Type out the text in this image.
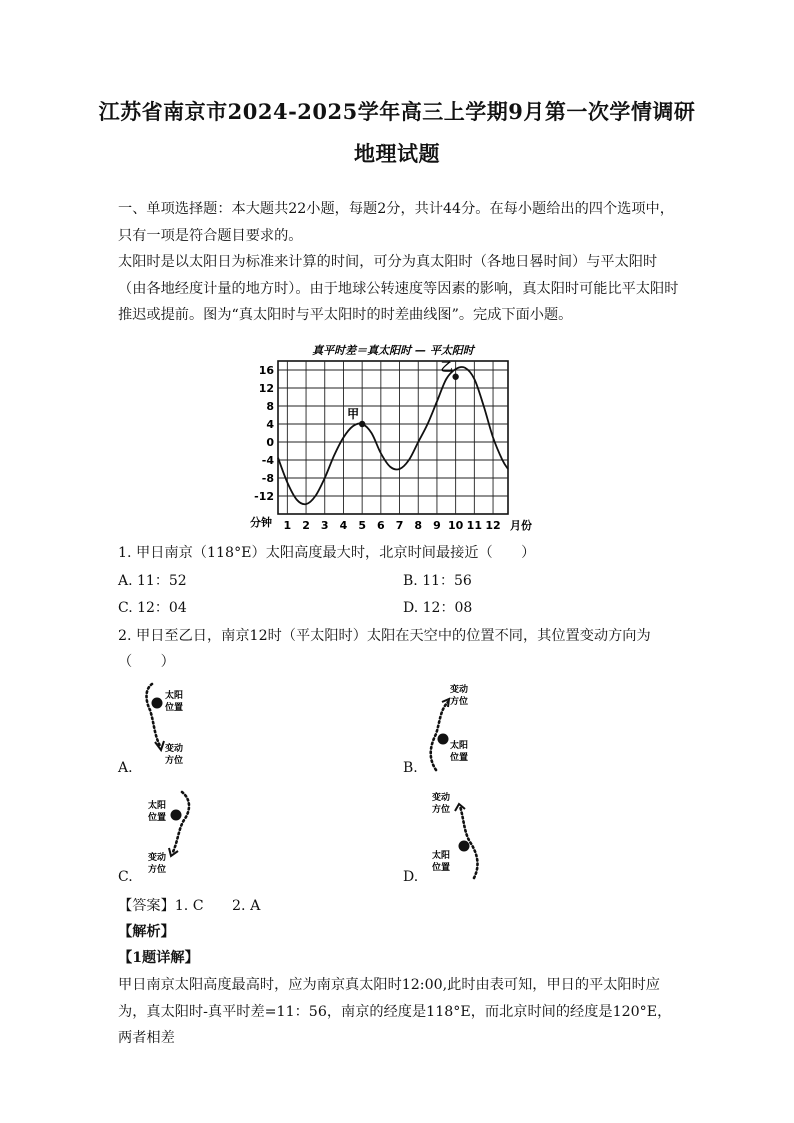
江苏省南京市2024-2025学年高三上学期9月第一次学情调研
地理试题
一、单项选择题：本大题共22小题，每题2分，共计44分。在每小题给出的四个选项中，只有一项是符合题目要求的。
太阳时是以太阳日为标准来计算的时间，可分为真太阳时（各地日晷时间）与平太阳时（由各地经度计量的地方时）。由于地球公转速度等因素的影响，真太阳时可能比平太阳时推迟或提前。图为“真太阳时与平太阳时的时差曲线图”。完成下面小题。
16
12
8
4
0
-4
-8
-12
1 2 3 4 5 6 7 8 9 10 11 12
分钟	月份
真平时差＝真太阳时 — 平太阳时
甲
乙
1. 甲日南京（118°E）太阳高度最大时，北京时间最接近（　　）
A. 11：52	B. 11：56
C. 12：04	D. 12：08
2. 甲日至乙日，南京12时（平太阳时）太阳在天空中的位置不同，其位置变动方向为
（　　）
太阳
位置
变动
方位
A.
变动
方位
太阳
位置
B.
太阳
位置
变动
方位
C.
变动
方位
太阳
位置
D.
【答案】1. C　　2. A
【解析】
【1题详解】
甲日南京太阳高度最高时，应为南京真太阳时12:00,此时由表可知，甲日的平太阳时应为，真太阳时-真平时差=11：56，南京的经度是118°E，而北京时间的经度是120°E，两者相差
